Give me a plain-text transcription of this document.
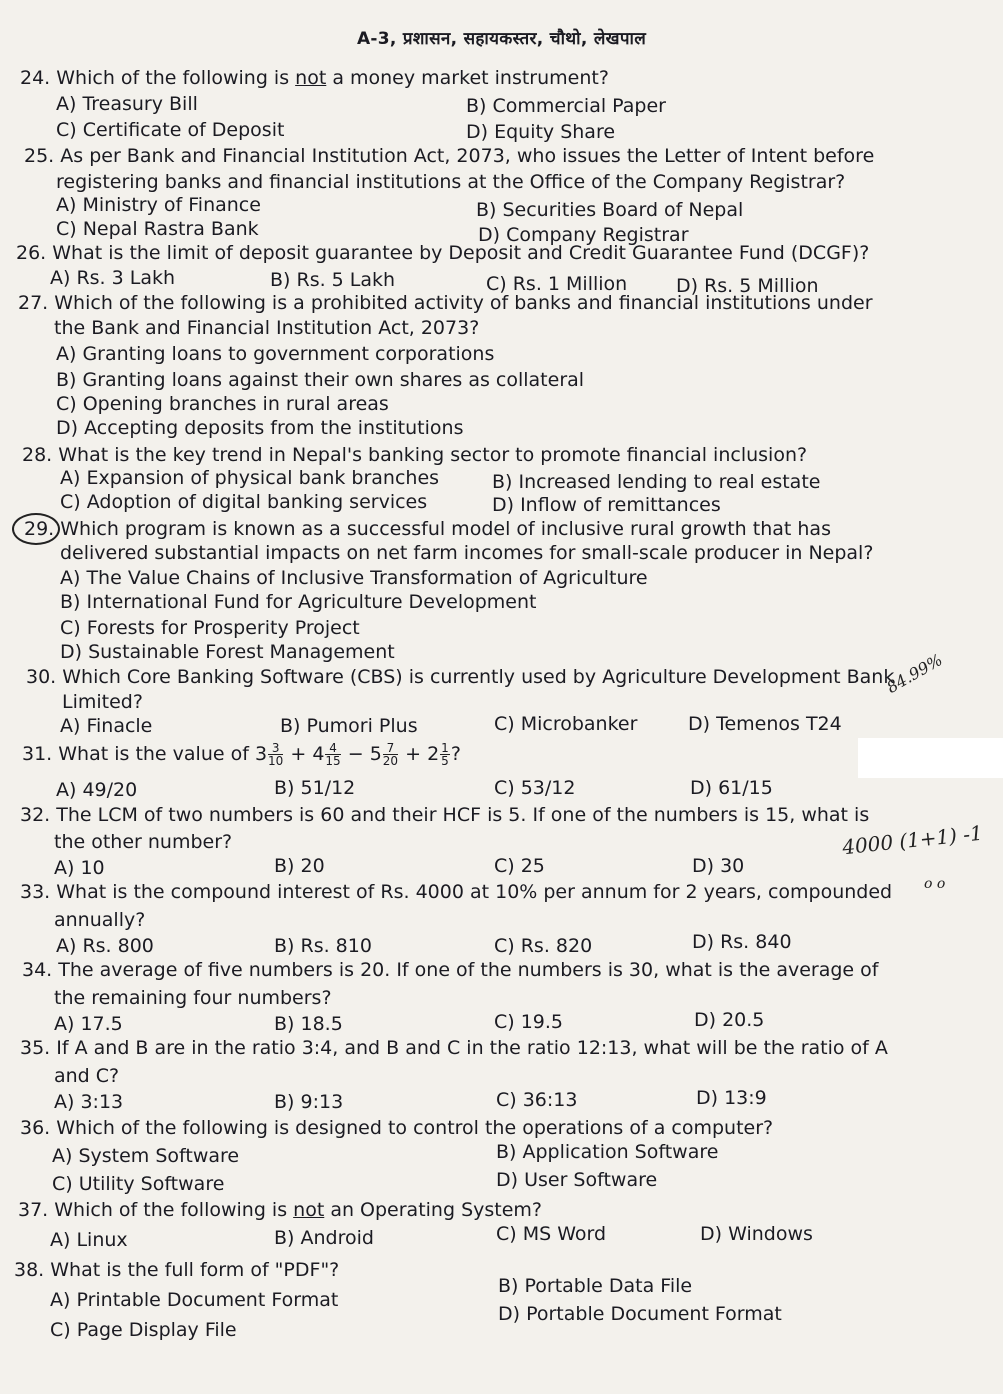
A-3, प्रशासन, सहायकस्तर, चौथो, लेखपाल
24. Which of the following is not a money market instrument?
A) Treasury Bill	B) Commercial Paper
C) Certificate of Deposit	D) Equity Share
25. As per Bank and Financial Institution Act, 2073, who issues the Letter of Intent before
registering banks and financial institutions at the Office of the Company Registrar?
A) Ministry of Finance	B) Securities Board of Nepal
C) Nepal Rastra Bank	D) Company Registrar
26. What is the limit of deposit guarantee by Deposit and Credit Guarantee Fund (DCGF)?
A) Rs. 3 Lakh	B) Rs. 5 Lakh	C) Rs. 1 Million	D) Rs. 5 Million
27. Which of the following is a prohibited activity of banks and financial institutions under
the Bank and Financial Institution Act, 2073?
A) Granting loans to government corporations
B) Granting loans against their own shares as collateral
C) Opening branches in rural areas
D) Accepting deposits from the institutions
28. What is the key trend in Nepal's banking sector to promote financial inclusion?
A) Expansion of physical bank branches	B) Increased lending to real estate
C) Adoption of digital banking services	D) Inflow of remittances
29. Which program is known as a successful model of inclusive rural growth that has
delivered substantial impacts on net farm incomes for small-scale producer in Nepal?
A) The Value Chains of Inclusive Transformation of Agriculture
B) International Fund for Agriculture Development
C) Forests for Prosperity Project
D) Sustainable Forest Management
30. Which Core Banking Software (CBS) is currently used by Agriculture Development Bank
Limited?
A) Finacle	B) Pumori Plus	C) Microbanker	D) Temenos T24
84.99%
31. What is the value of $3 \frac{3}{10} + 4 \frac{4}{15} - 5 \frac{7}{20} + 2 \frac{1}{5}$ ?
A) 49/20	B) 51/12	C) 53/12	D) 61/15
32. The LCM of two numbers is 60 and their HCF is 5. If one of the numbers is 15, what is
the other number?
A) 10	B) 20	C) 25	D) 30
4000 (1+1) -1
33. What is the compound interest of Rs. 4000 at 10% per annum for 2 years, compounded
annually?
A) Rs. 800	B) Rs. 810	C) Rs. 820	D) Rs. 840
o o
34. The average of five numbers is 20. If one of the numbers is 30, what is the average of
the remaining four numbers?
A) 17.5	B) 18.5	C) 19.5	D) 20.5
35. If A and B are in the ratio 3:4, and B and C in the ratio 12:13, what will be the ratio of A
and C?
A) 3:13	B) 9:13	C) 36:13	D) 13:9
36. Which of the following is designed to control the operations of a computer?
A) System Software	B) Application Software
C) Utility Software	D) User Software
37. Which of the following is not an Operating System?
A) Linux	B) Android	C) MS Word	D) Windows
38. What is the full form of "PDF"?
A) Printable Document Format
B) Portable Data File
C) Page Display File
D) Portable Document Format
